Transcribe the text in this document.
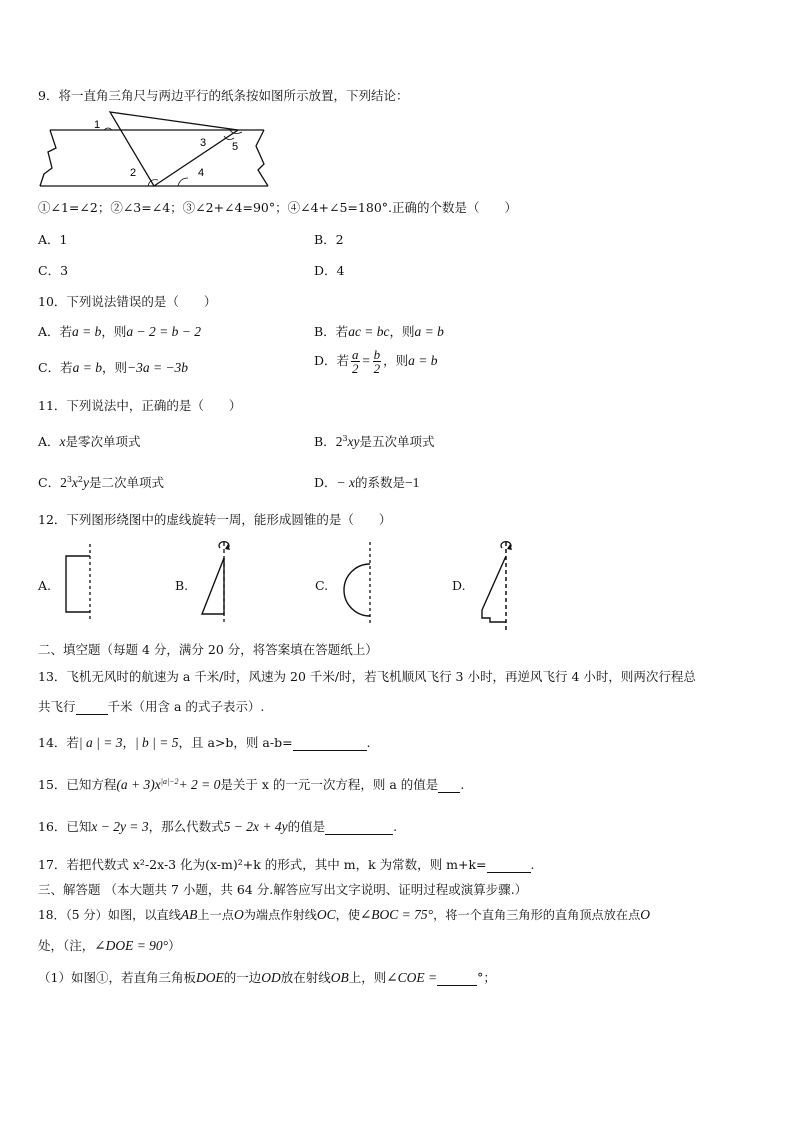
9．将一直角三角尺与两边平行的纸条按如图所示放置，下列结论：
1
2
3
4
5
①∠1=∠2；②∠3=∠4；③∠2+∠4=90°；④∠4+∠5=180°.正确的个数是（　　）
A．1	B．2
C．3	D．4
10．下列说法错误的是（　　）
A．若a = b，则a − 2 = b − 2	B．若ac = bc，则a = b
C．若a = b，则−3a = −3b	D．若 $\frac{a}{2} = \frac{b}{2}$ ，则a = b
11．下列说法中，正确的是（　　）
A．x是零次单项式	B．$2^3xy$是五次单项式
C．$2^3x^2y$是二次单项式	D．− x的系数是−1
12．下列图形绕图中的虚线旋转一周，能形成圆锥的是（　　）
A.	B.	C.	D.
二、填空题（每题 4 分，满分 20 分，将答案填在答题纸上）
13．飞机无风时的航速为 a 千米/时，风速为 20 千米/时，若飞机顺风飞行 3 小时，再逆风飞行 4 小时，则两次行程总
共飞行	千米（用含 a 的式子表示）.
14．若| a | = 3，| b | = 5，且 a>b，则 a-b=	.
15．已知方程$(a + 3)x^{|a|-2}+ 2 = 0$是关于 x 的一元一次方程，则 a 的值是 .
16．已知x − 2y = 3，那么代数式5 − 2x + 4y的值是	.
17．若把代数式 x²-2x-3 化为(x-m)²+k 的形式，其中 m，k 为常数，则 m+k=	.
三、解答题 （本大题共 7 小题，共 64 分.解答应写出文字说明、证明过程或演算步骤.）
18．（5 分）如图，以直线AB上一点O为端点作射线OC，使∠BOC = 75°，将一个直角三角形的直角顶点放在点O
处，（注，∠DOE = 90°）
（1）如图①，若直角三角板DOE的一边OD放在射线OB上，则∠COE =	°；
